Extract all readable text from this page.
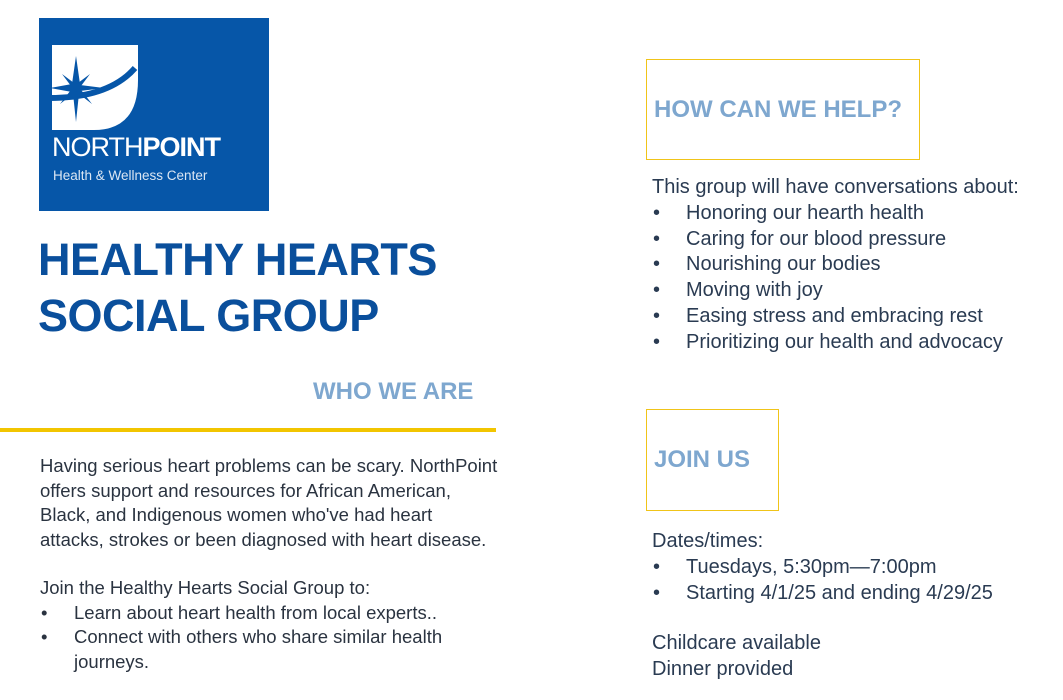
NORTHPOINT
Health & Wellness Center
HEALTHY HEARTS
SOCIAL GROUP
WHO WE ARE
Having serious heart problems can be scary. NorthPoint offers support and resources for African American, Black, and Indigenous women who've had heart attacks, strokes or been diagnosed with heart disease.
Join the Healthy Hearts Social Group to:
• Learn about heart health from local experts..
• Connect with others who share similar health journeys.
HOW CAN WE HELP?
This group will have conversations about:
• Honoring our hearth health
• Caring for our blood pressure
• Nourishing our bodies
• Moving with joy
• Easing stress and embracing rest
• Prioritizing our health and advocacy
JOIN US
Dates/times:
• Tuesdays, 5:30pm—7:00pm
• Starting 4/1/25 and ending 4/29/25
Childcare available
Dinner provided
